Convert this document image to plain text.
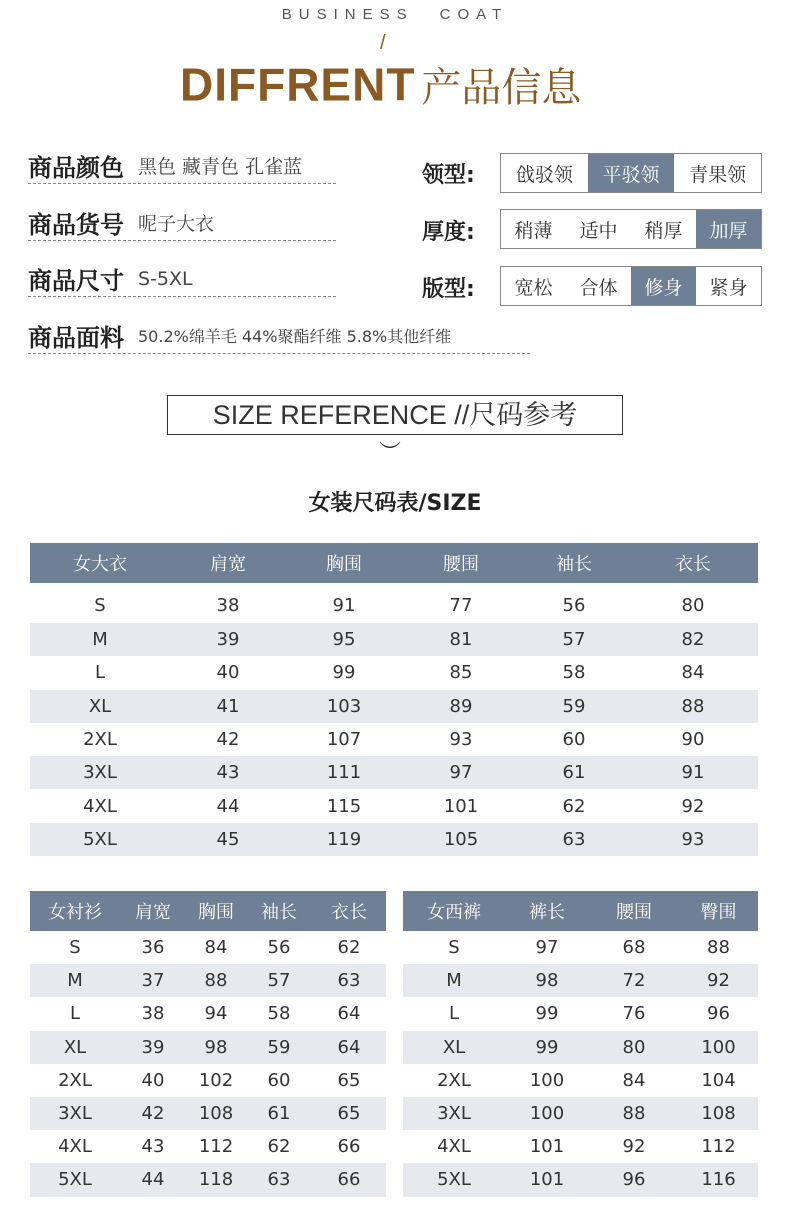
BUSINESS COAT
/
DIFFRENT 产品信息
商品颜色 黑色 藏青色 孔雀蓝
商品货号 呢子大衣
商品尺寸 S-5XL
商品面料 50.2%绵羊毛 44%聚酯纤维 5.8%其他纤维
领型:	戗驳领	平驳领	青果领
厚度:	稍薄	适中	稍厚	加厚
版型:	宽松	合体	修身	紧身
SIZE REFERENCE //尺码参考
︶
女装尺码表/SIZE
女大衣	肩宽	胸围	腰围	袖长	衣长
S	38	91	77	56	80
M	39	95	81	57	82
L	40	99	85	58	84
XL	41	103	89	59	88
2XL	42	107	93	60	90
3XL	43	111	97	61	91
4XL	44	115	101	62	92
5XL	45	119	105	63	93
女衬衫	肩宽	胸围	袖长	衣长
S	36	84	56	62
M	37	88	57	63
L	38	94	58	64
XL	39	98	59	64
2XL	40	102	60	65
3XL	42	108	61	65
4XL	43	112	62	66
5XL	44	118	63	66
女西裤	裤长	腰围	臀围
S	97	68	88
M	98	72	92
L	99	76	96
XL	99	80	100
2XL	100	84	104
3XL	100	88	108
4XL	101	92	112
5XL	101	96	116
